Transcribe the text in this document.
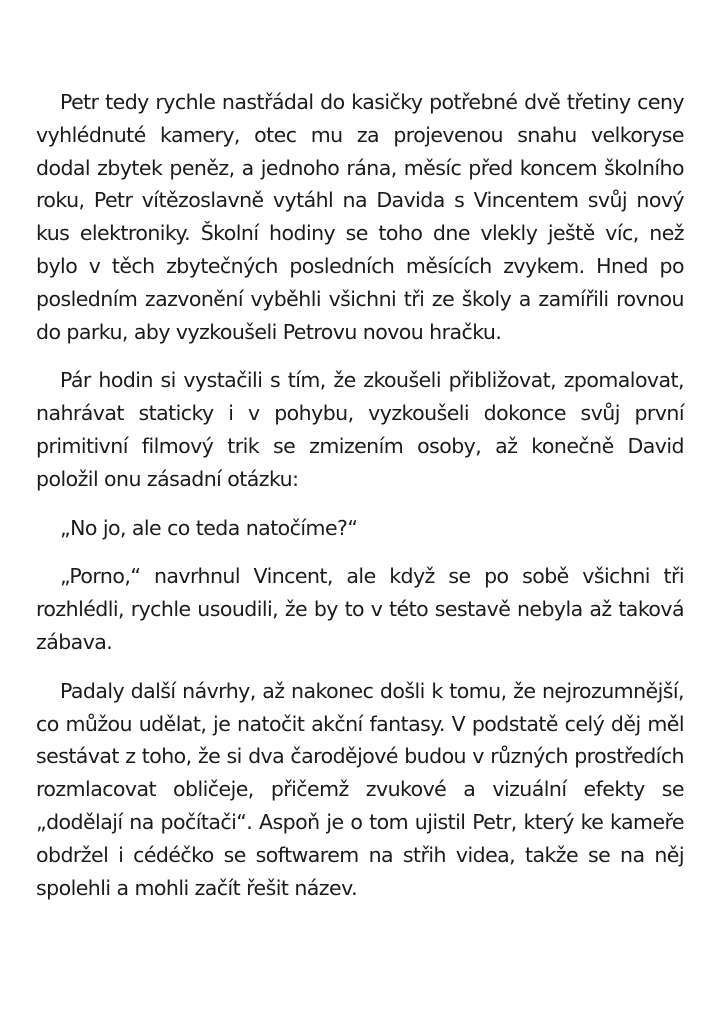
Petr tedy rychle nastřádal do kasičky potřebné dvě třetiny ceny vyhlédnuté kamery, otec mu za projevenou snahu velkoryse dodal zbytek peněz, a jednoho rána, měsíc před koncem školního roku, Petr vítězoslavně vytáhl na Davida s Vincentem svůj nový kus elektroniky. Školní hodiny se toho dne vlekly ještě víc, než bylo v těch zbytečných posledních měsících zvykem. Hned po posledním zazvonění vyběhli všichni tři ze školy a zamířili rovnou do parku, aby vyzkoušeli Petrovu novou hračku.

Pár hodin si vystačili s tím, že zkoušeli přibližovat, zpomalovat, nahrávat staticky i v pohybu, vyzkoušeli dokonce svůj první primitivní filmový trik se zmizením osoby, až konečně David položil onu zásadní otázku:

„No jo, ale co teda natočíme?“

„Porno,“ navrhnul Vincent, ale když se po sobě všichni tři rozhlédli, rychle usoudili, že by to v této sestavě nebyla až taková zábava.

Padaly další návrhy, až nakonec došli k tomu, že nejrozumnější, co můžou udělat, je natočit akční fantasy. V podstatě celý děj měl sestávat z toho, že si dva čarodějové budou v různých prostředích rozmlacovat obličeje, přičemž zvukové a vizuální efekty se „dodělají na počítači“. Aspoň je o tom ujistil Petr, který ke kameře obdržel i cédéčko se softwarem na střih videa, takže se na něj spolehli a mohli začít řešit název.
